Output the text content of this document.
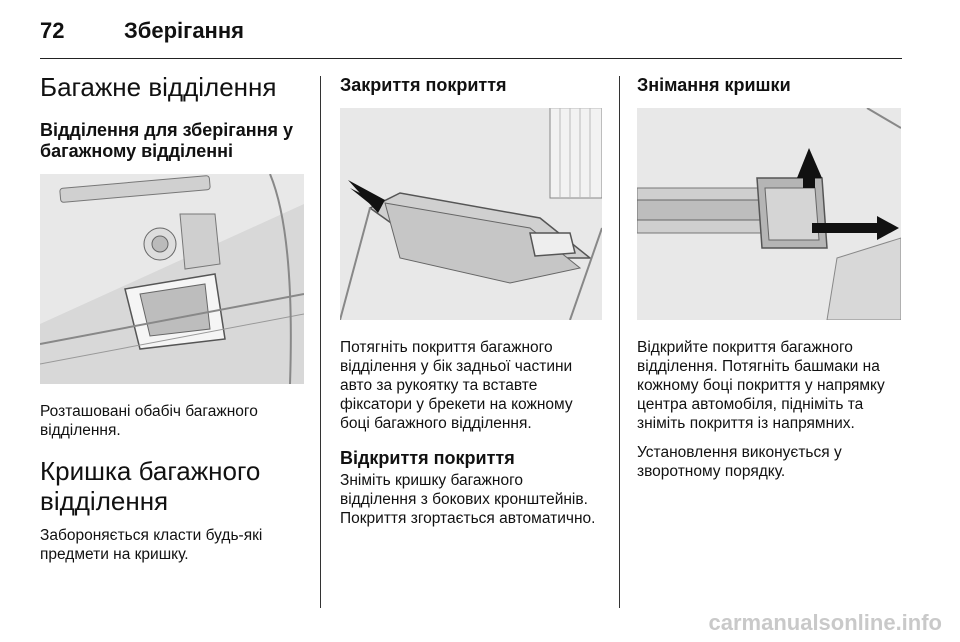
72	Зберігання
Багажне відділення
Відділення для зберігання у багажному відділенні

Розташовані обабіч багажного відділення.

Кришка багажного відділення

Забороняється класти будь-які предмети на кришку.

Закриття покриття

Потягніть покриття багажного відділення у бік задньої частини авто за рукоятку та вставте фіксатори у брекети на кожному боці багажного відділення.

Відкриття покриття

Зніміть кришку багажного відділення з бокових кронштейнів. Покриття згортається автоматично.

Знімання кришки

Відкрийте покриття багажного відділення. Потягніть башмаки на кожному боці покриття у напрямку центра автомобіля, підніміть та зніміть покриття із напрямних.

Установлення виконується у зворотному порядку.

carmanualsonline.info
